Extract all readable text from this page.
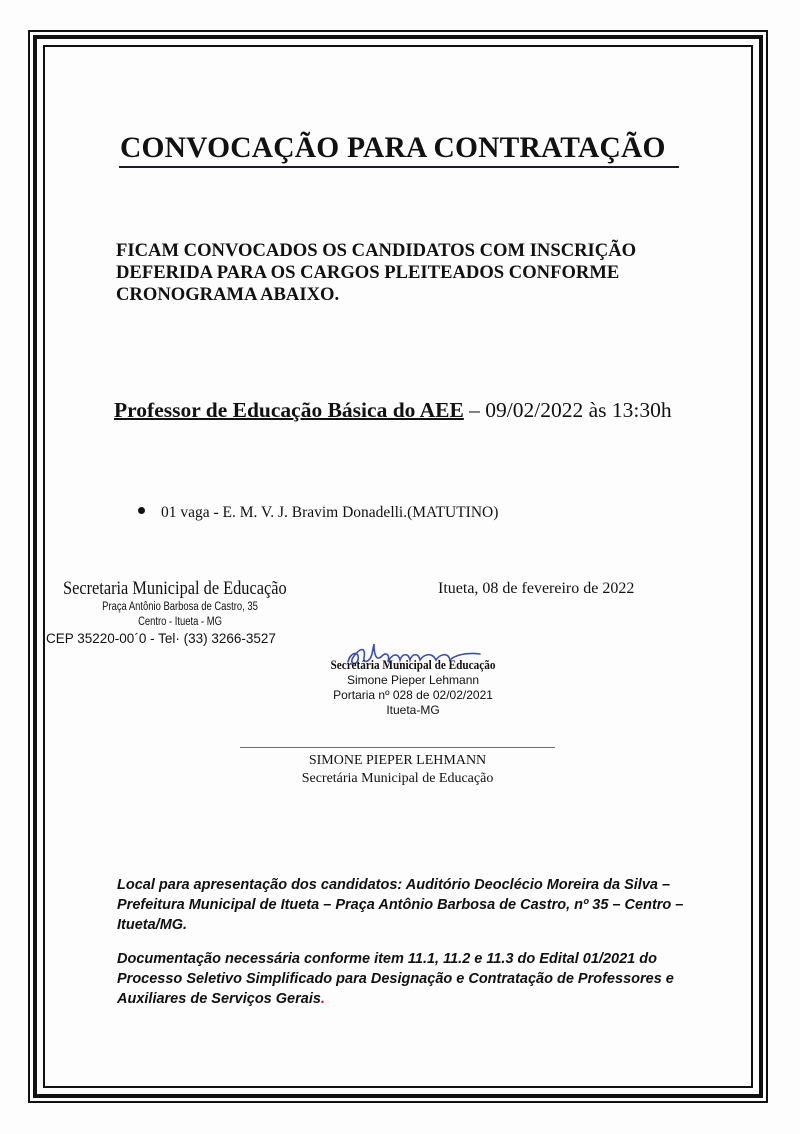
CONVOCAÇÃO PARA CONTRATAÇÃO
FICAM CONVOCADOS OS CANDIDATOS COM INSCRIÇÃO DEFERIDA PARA OS CARGOS PLEITEADOS CONFORME CRONOGRAMA ABAIXO.
Professor de Educação Básica do AEE – 09/02/2022 às 13:30h
01 vaga - E. M. V. J. Bravim Donadelli.(MATUTINO)
Secretaria Municipal de Educação
Praça Antônio Barbosa de Castro, 35
Centro - Itueta - MG
CEP 35220-00´0 - Tel· (33) 3266-3527
Itueta, 08 de fevereiro de 2022
Secretária Municipal de Educação
Simone Pieper Lehmann
Portaria nº 028 de 02/02/2021
Itueta-MG
SIMONE PIEPER LEHMANN
Secretária Municipal de Educação
Local para apresentação dos candidatos: Auditório Deoclécio Moreira da Silva – Prefeitura Municipal de Itueta – Praça Antônio Barbosa de Castro, nº 35 – Centro – Itueta/MG.
Documentação necessária conforme item 11.1, 11.2 e 11.3 do Edital 01/2021 do Processo Seletivo Simplificado para Designação e Contratação de Professores e Auxiliares de Serviços Gerais.
